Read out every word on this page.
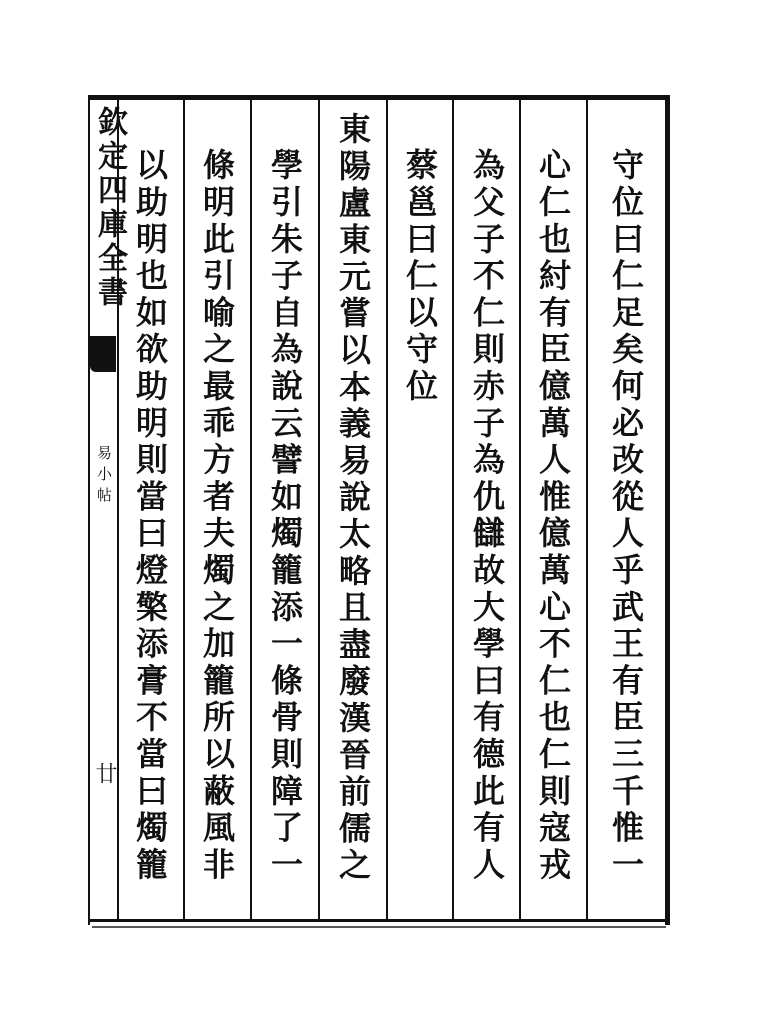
守位曰仁足矣何必改從人乎武王有臣三千惟一
心仁也紂有臣億萬人惟億萬心不仁也仁則寇戎
為父子不仁則赤子為仇讎故大學曰有德此有人
蔡邕曰仁以守位
東陽盧東元嘗以本義易說太略且盡廢漢晉前儒之
學引朱子自為說云譬如燭籠添一條骨則障了一
條明此引喻之最乖方者夫燭之加籠所以蔽風非
以助明也如欲助明則當曰燈檠添膏不當曰燭籠
欽定四庫全書
易小帖
廿
